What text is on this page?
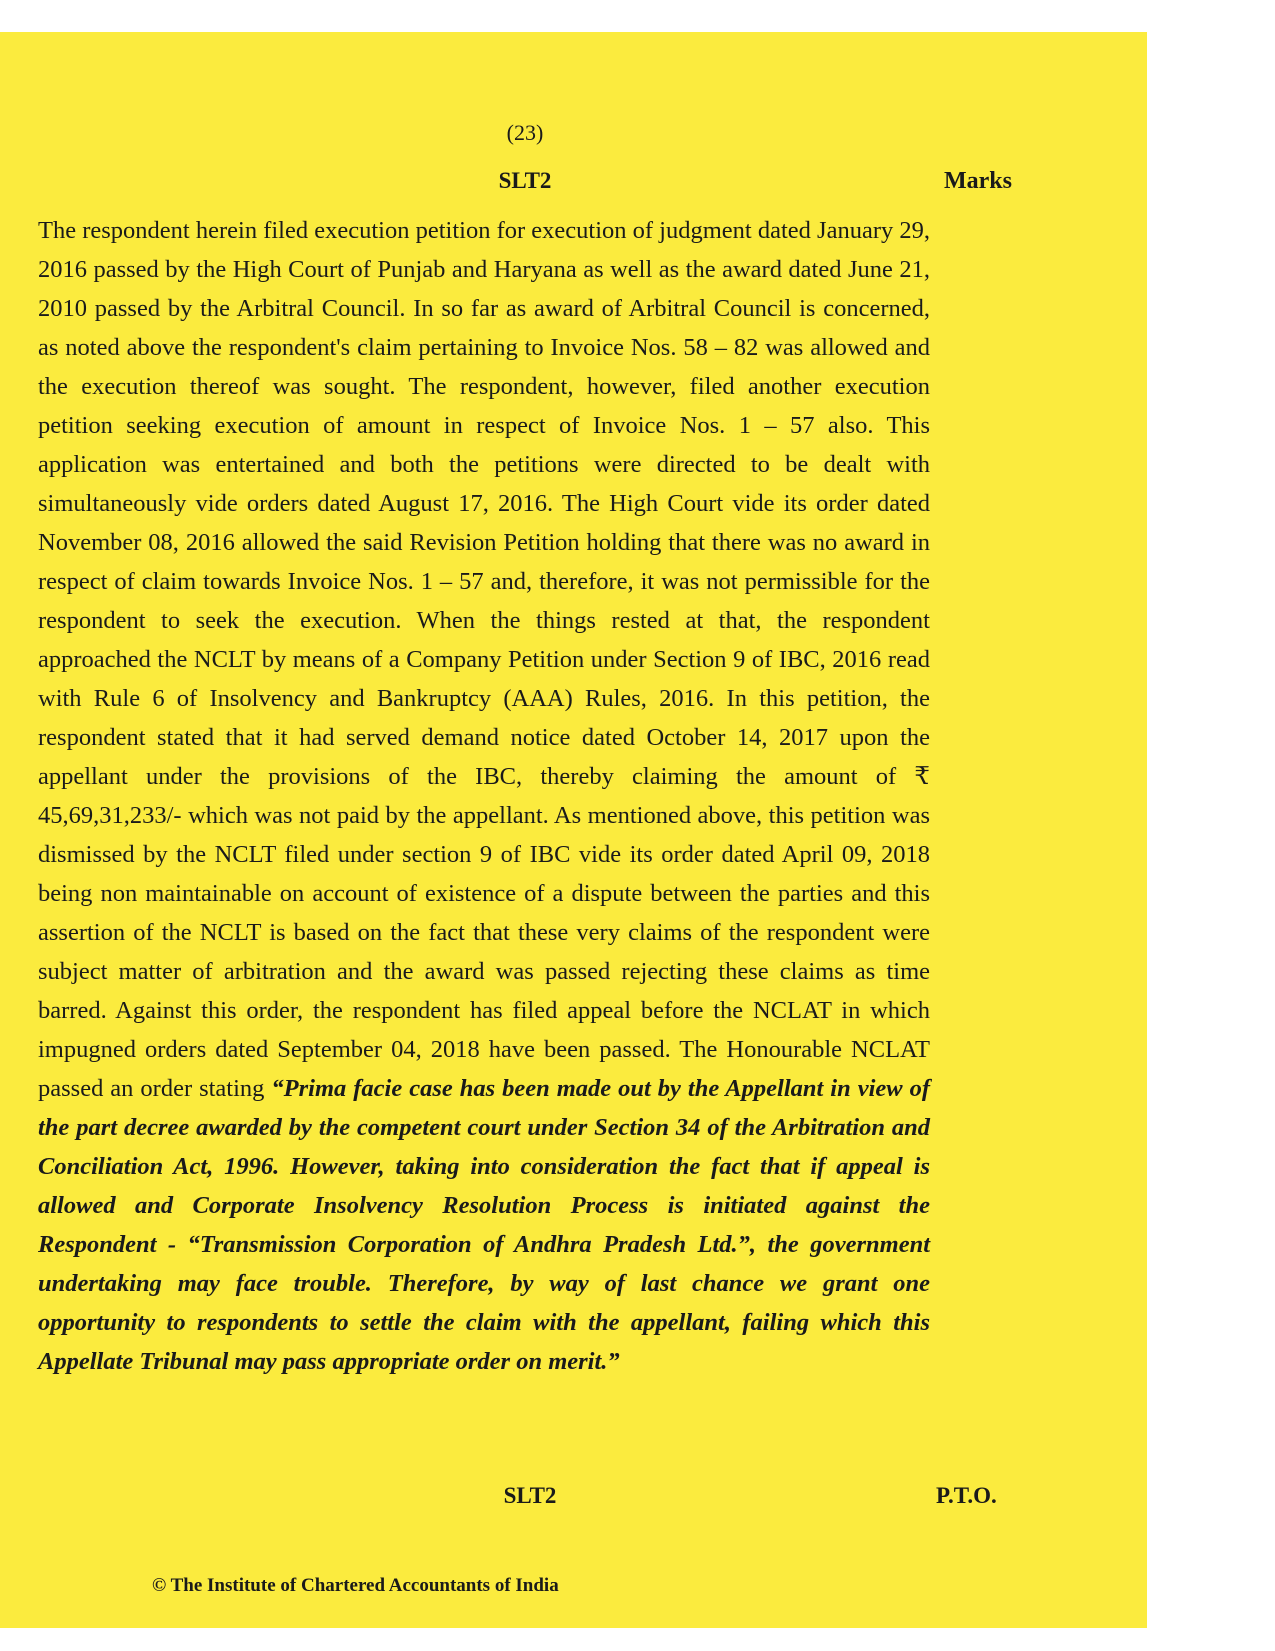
(23)
SLT2	Marks

The respondent herein filed execution petition for execution of judgment dated January 29, 2016 passed by the High Court of Punjab and Haryana as well as the award dated June 21, 2010 passed by the Arbitral Council. In so far as award of Arbitral Council is concerned, as noted above the respondent's claim pertaining to Invoice Nos. 58 – 82 was allowed and the execution thereof was sought. The respondent, however, filed another execution petition seeking execution of amount in respect of Invoice Nos. 1 – 57 also. This application was entertained and both the petitions were directed to be dealt with simultaneously vide orders dated August 17, 2016. The High Court vide its order dated November 08, 2016 allowed the said Revision Petition holding that there was no award in respect of claim towards Invoice Nos. 1 – 57 and, therefore, it was not permissible for the respondent to seek the execution. When the things rested at that, the respondent approached the NCLT by means of a Company Petition under Section 9 of IBC, 2016 read with Rule 6 of Insolvency and Bankruptcy (AAA) Rules, 2016. In this petition, the respondent stated that it had served demand notice dated October 14, 2017 upon the appellant under the provisions of the IBC, thereby claiming the amount of ₹ 45,69,31,233/- which was not paid by the appellant. As mentioned above, this petition was dismissed by the NCLT filed under section 9 of IBC vide its order dated April 09, 2018 being non maintainable on account of existence of a dispute between the parties and this assertion of the NCLT is based on the fact that these very claims of the respondent were subject matter of arbitration and the award was passed rejecting these claims as time barred. Against this order, the respondent has filed appeal before the NCLAT in which impugned orders dated September 04, 2018 have been passed. The Honourable NCLAT passed an order stating “Prima facie case has been made out by the Appellant in view of the part decree awarded by the competent court under Section 34 of the Arbitration and Conciliation Act, 1996. However, taking into consideration the fact that if appeal is allowed and Corporate Insolvency Resolution Process is initiated against the Respondent - “Transmission Corporation of Andhra Pradesh Ltd.”, the government undertaking may face trouble. Therefore, by way of last chance we grant one opportunity to respondents to settle the claim with the appellant, failing which this Appellate Tribunal may pass appropriate order on merit.”

SLT2	P.T.O.
© The Institute of Chartered Accountants of India
